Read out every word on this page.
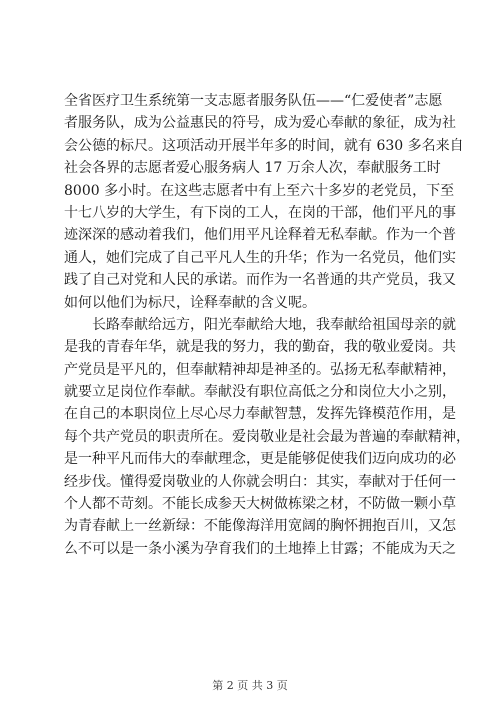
全省医疗卫生系统第一支志愿者服务队伍——“仁爱使者”志愿
者服务队，成为公益惠民的符号，成为爱心奉献的象征，成为社
会公德的标尺。这项活动开展半年多的时间，就有 630 多名来自
社会各界的志愿者爱心服务病人 17 万余人次，奉献服务工时
8000 多小时。在这些志愿者中有上至六十多岁的老党员，下至
十七八岁的大学生，有下岗的工人，在岗的干部，他们平凡的事
迹深深的感动着我们，他们用平凡诠释着无私奉献。作为一个普
通人，她们完成了自己平凡人生的升华；作为一名党员，他们实
践了自己对党和人民的承诺。而作为一名普通的共产党员，我又
如何以他们为标尺，诠释奉献的含义呢。
长路奉献给远方，阳光奉献给大地，我奉献给祖国母亲的就
是我的青春年华，就是我的努力，我的勤奋，我的敬业爱岗。共
产党员是平凡的，但奉献精神却是神圣的。弘扬无私奉献精神，
就要立足岗位作奉献。奉献没有职位高低之分和岗位大小之别，
在自己的本职岗位上尽心尽力奉献智慧，发挥先锋模范作用，是
每个共产党员的职责所在。爱岗敬业是社会最为普遍的奉献精神，
是一种平凡而伟大的奉献理念，更是能够促使我们迈向成功的必
经步伐。懂得爱岗敬业的人你就会明白：其实，奉献对于任何一
个人都不苛刻。不能长成参天大树做栋梁之材，不防做一颗小草
为青春献上一丝新绿：不能像海洋用宽阔的胸怀拥抱百川，又怎
么不可以是一条小溪为孕育我们的土地捧上甘露；不能成为天之
第 2 页 共 3 页
